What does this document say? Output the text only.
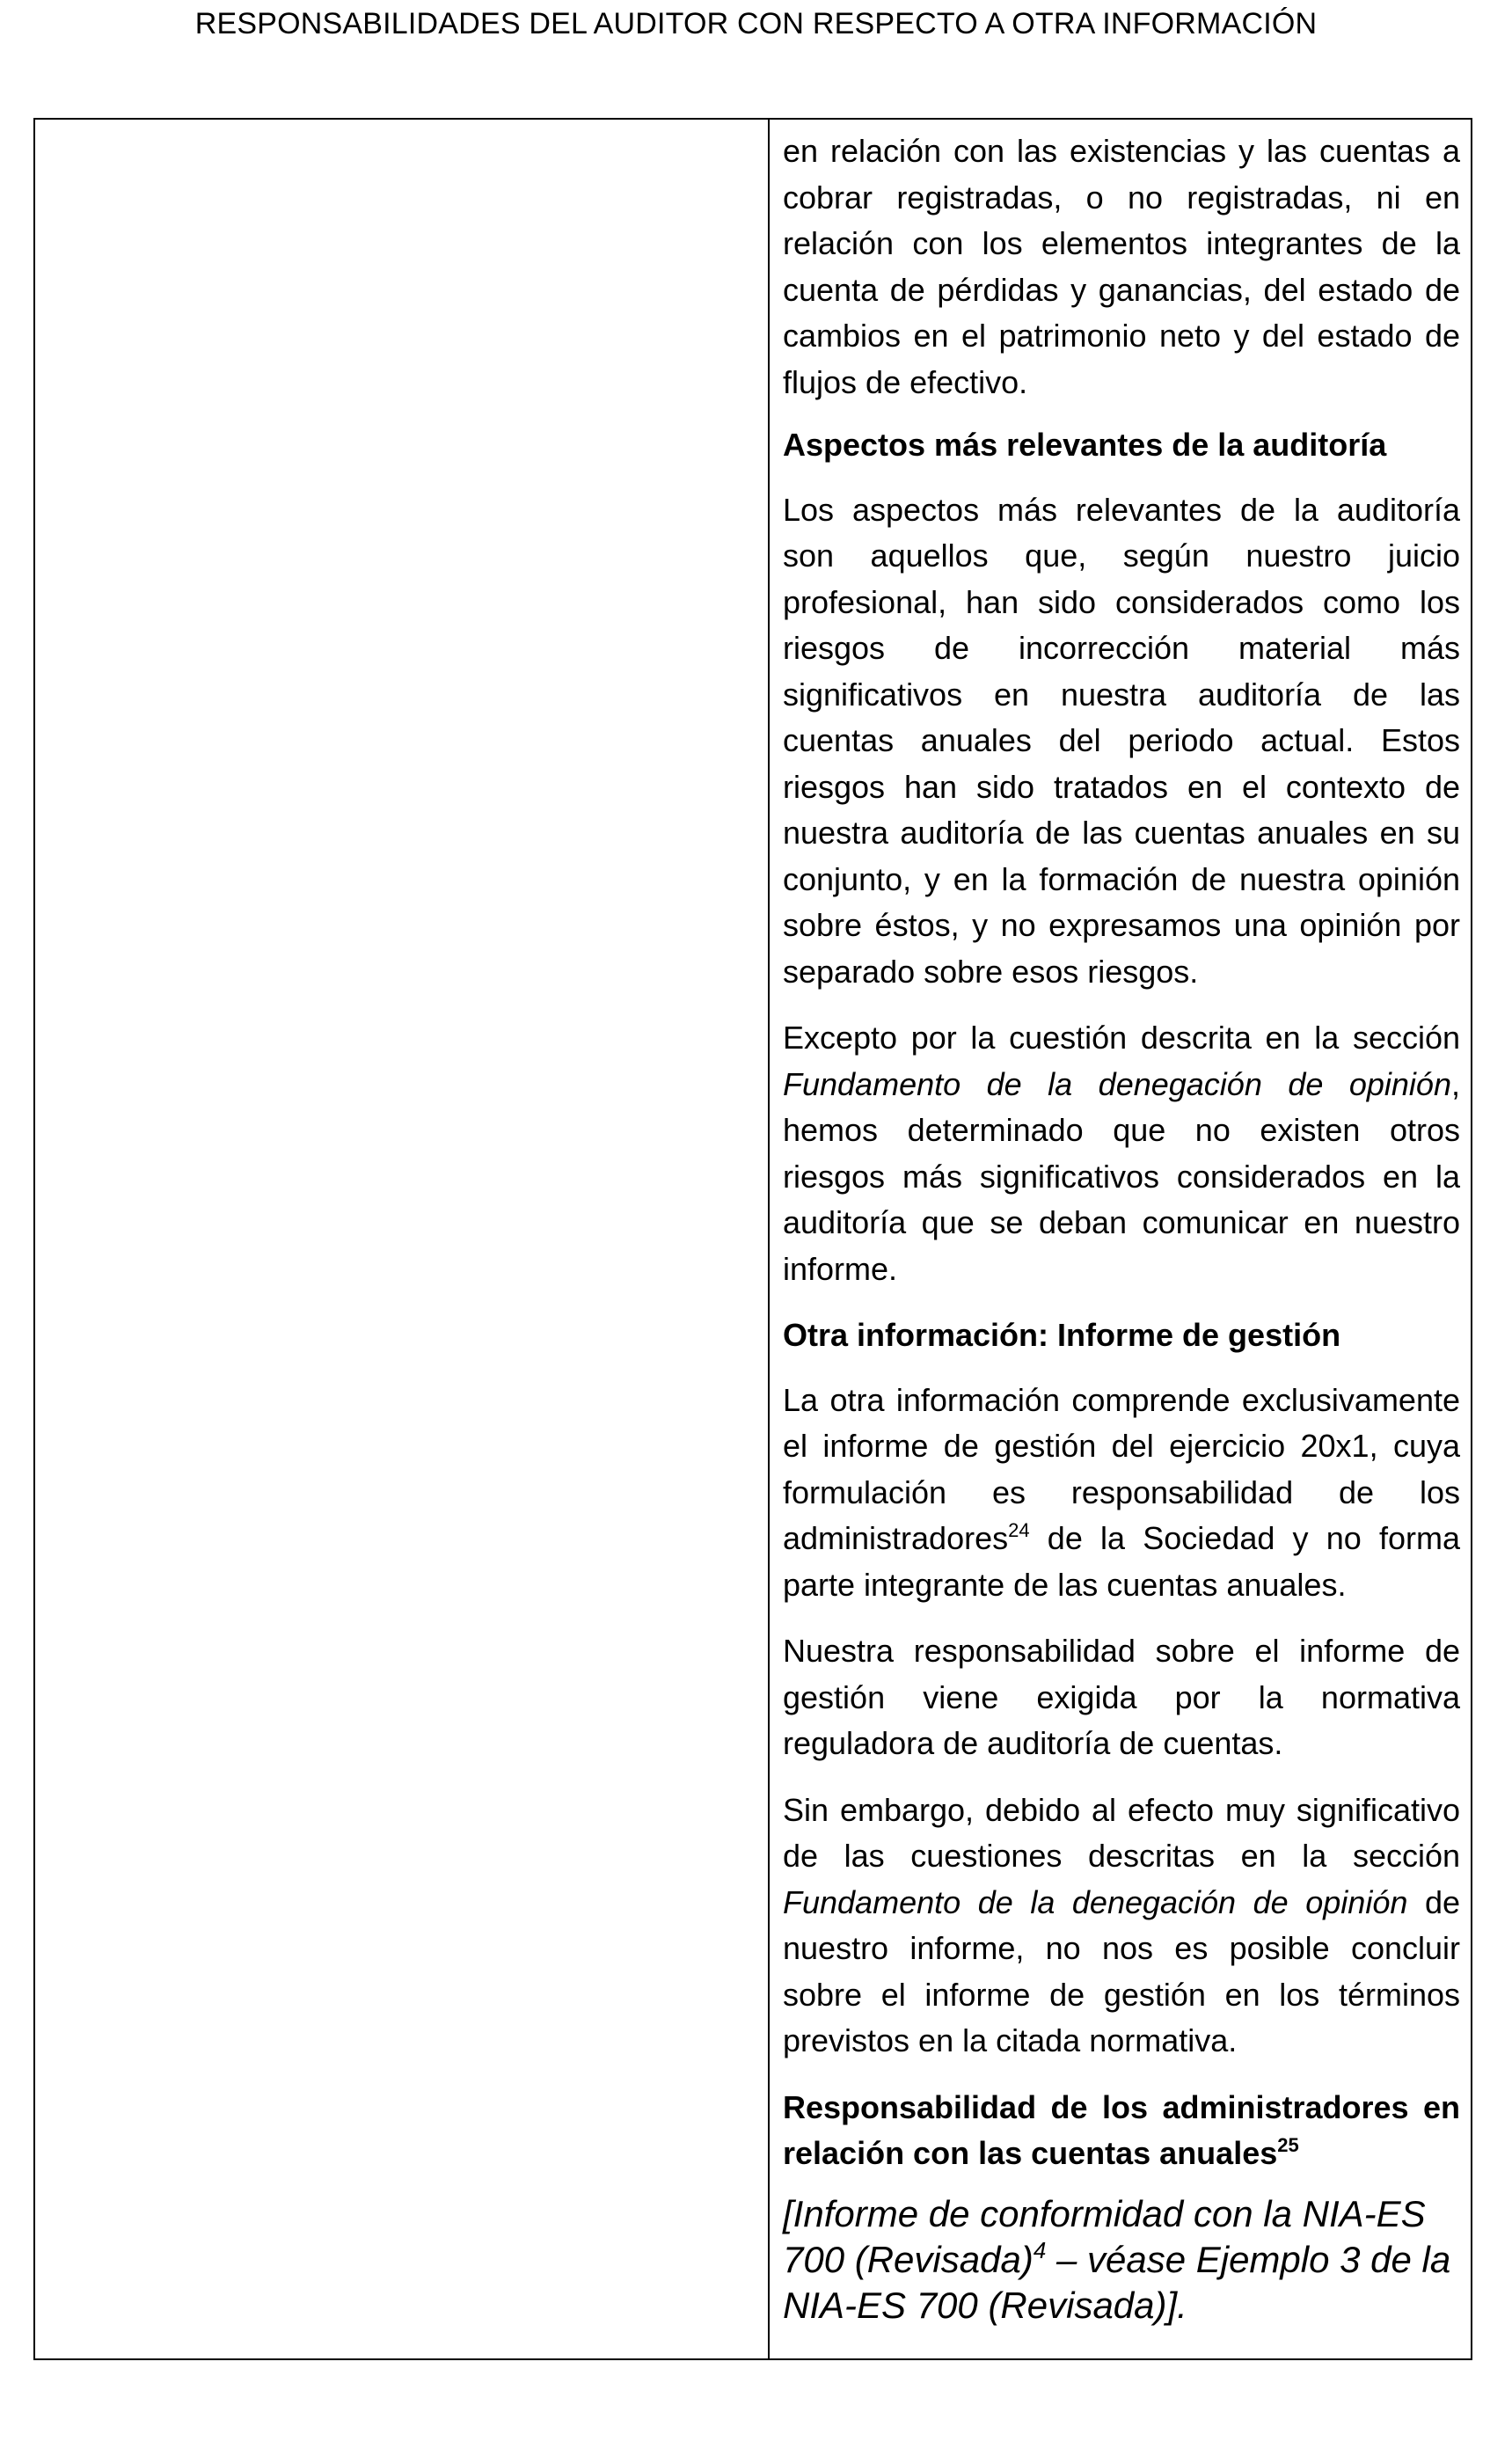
RESPONSABILIDADES DEL AUDITOR CON RESPECTO A OTRA INFORMACIÓN

en relación con las existencias y las cuentas a cobrar registradas, o no registradas, ni en relación con los elementos integrantes de la cuenta de pérdidas y ganancias, del estado de cambios en el patrimonio neto y del estado de flujos de efectivo.

Aspectos más relevantes de la auditoría

Los aspectos más relevantes de la auditoría son aquellos que, según nuestro juicio profesional, han sido considerados como los riesgos de incorrección material más significativos en nuestra auditoría de las cuentas anuales del periodo actual. Estos riesgos han sido tratados en el contexto de nuestra auditoría de las cuentas anuales en su conjunto, y en la formación de nuestra opinión sobre éstos, y no expresamos una opinión por separado sobre esos riesgos.

Excepto por la cuestión descrita en la sección Fundamento de la denegación de opinión, hemos determinado que no existen otros riesgos más significativos considerados en la auditoría que se deban comunicar en nuestro informe.

Otra información: Informe de gestión

La otra información comprende exclusivamente el informe de gestión del ejercicio 20x1, cuya formulación es responsabilidad de los administradores$^{24}$ de la Sociedad y no forma parte integrante de las cuentas anuales.

Nuestra responsabilidad sobre el informe de gestión viene exigida por la normativa reguladora de auditoría de cuentas.

Sin embargo, debido al efecto muy significativo de las cuestiones descritas en la sección Fundamento de la denegación de opinión de nuestro informe, no nos es posible concluir sobre el informe de gestión en los términos previstos en la citada normativa.

Responsabilidad de los administradores en relación con las cuentas anuales$^{25}$

[Informe de conformidad con la NIA-ES 700 (Revisada)$^4$ – véase Ejemplo 3 de la NIA-ES 700 (Revisada)].
